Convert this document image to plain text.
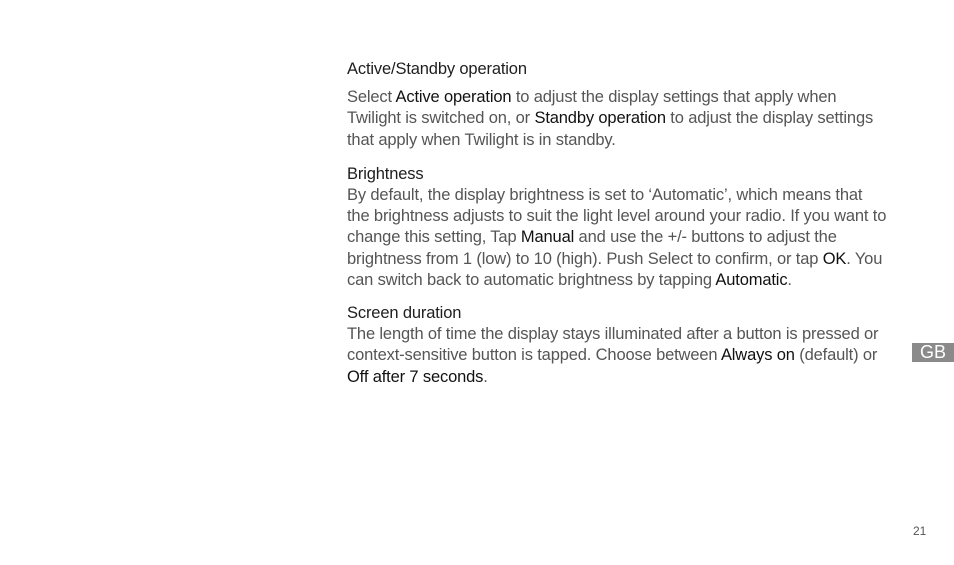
Active/Standby operation

Select Active operation to adjust the display settings that apply when Twilight is switched on, or Standby operation to adjust the display settings that apply when Twilight is in standby.

Brightness

By default, the display brightness is set to ‘Automatic’, which means that the brightness adjusts to suit the light level around your radio. If you want to change this setting, Tap Manual and use the +/- buttons to adjust the brightness from 1 (low) to 10 (high). Push Select to confirm, or tap OK. You can switch back to automatic brightness by tapping Automatic.

Screen duration

The length of time the display stays illuminated after a button is pressed or context-sensitive button is tapped. Choose between Always on (default) or Off after 7 seconds.

GB
21
